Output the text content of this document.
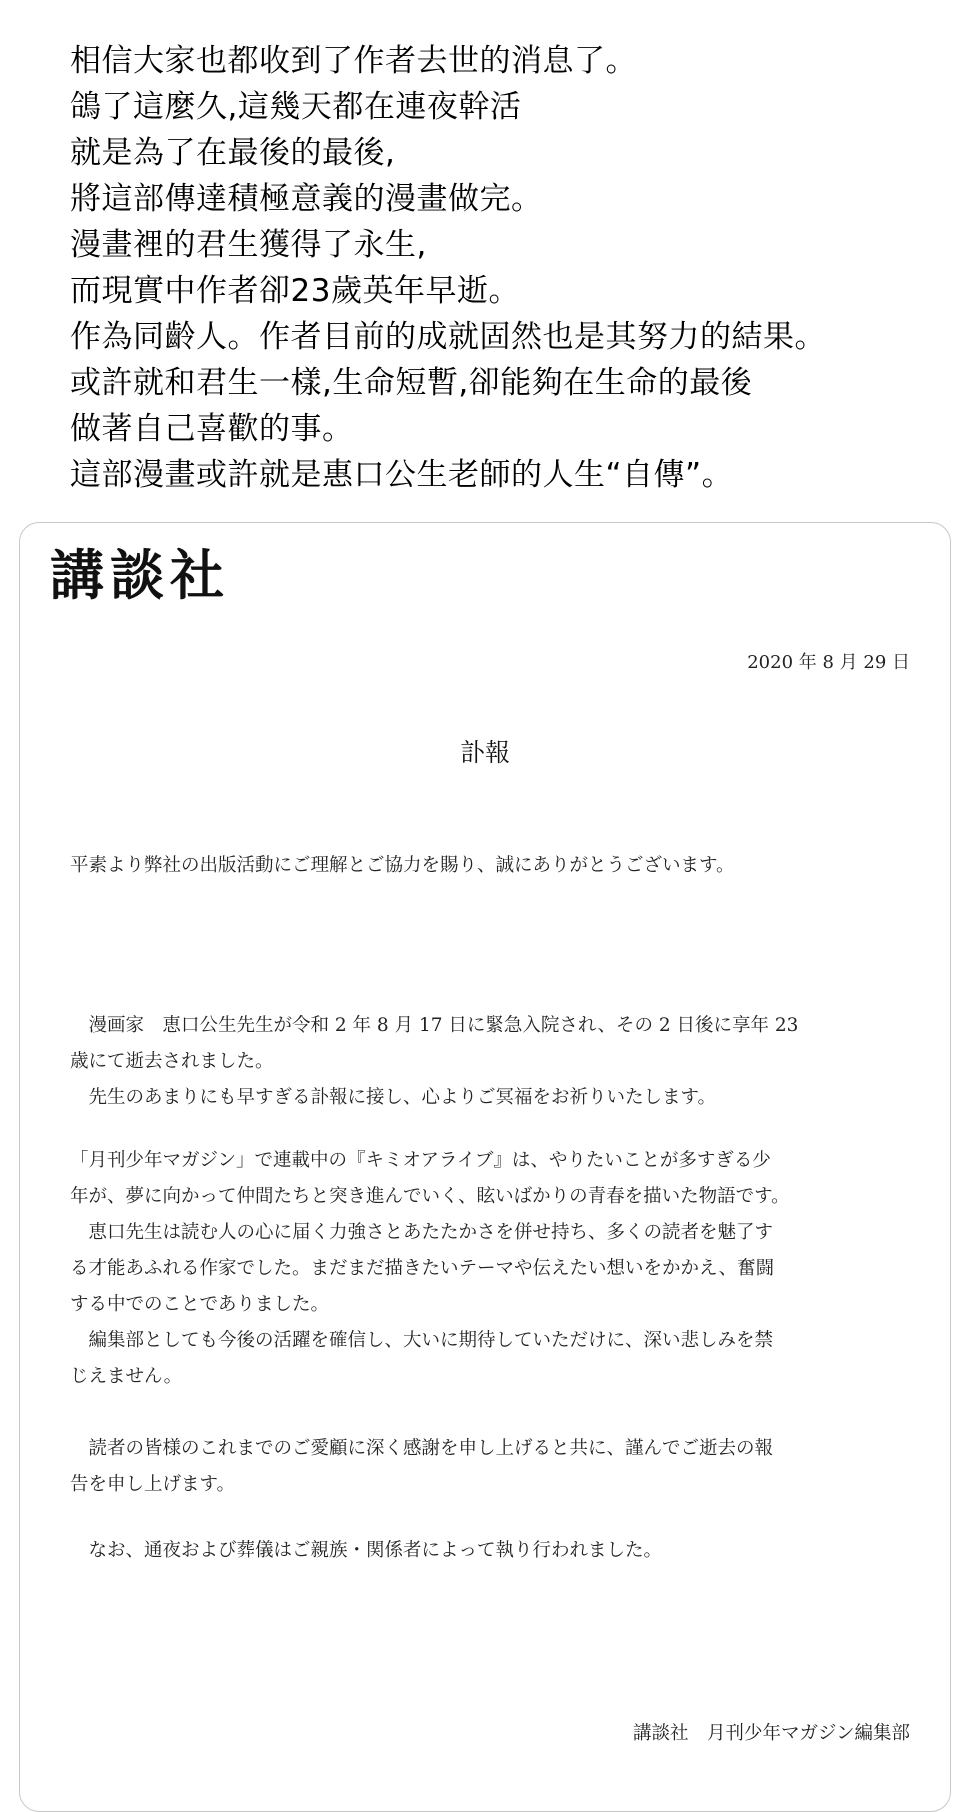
相信大家也都收到了作者去世的消息了。
鴿了這麼久,這幾天都在連夜幹活
就是為了在最後的最後,
將這部傳達積極意義的漫畫做完。
漫畫裡的君生獲得了永生,
而現實中作者卻23歲英年早逝。
作為同齡人。作者目前的成就固然也是其努力的結果。
或許就和君生一樣,生命短暫,卻能夠在生命的最後
做著自己喜歡的事。
這部漫畫或許就是惠口公生老師的人生“自傳”。
講談社
2020 年 8 月 29 日
訃報
平素より弊社の出版活動にご理解とご協力を賜り、誠にありがとうございます。
　漫画家　恵口公生先生が令和 2 年 8 月 17 日に緊急入院され、その 2 日後に享年 23
歳にて逝去されました。
　先生のあまりにも早すぎる訃報に接し、心よりご冥福をお祈りいたします。
「月刊少年マガジン」で連載中の『キミオアライブ』は、やりたいことが多すぎる少
年が、夢に向かって仲間たちと突き進んでいく、眩いばかりの青春を描いた物語です。
　恵口先生は読む人の心に届く力強さとあたたかさを併せ持ち、多くの読者を魅了す
る才能あふれる作家でした。まだまだ描きたいテーマや伝えたい想いをかかえ、奮闘
する中でのことでありました。
　編集部としても今後の活躍を確信し、大いに期待していただけに、深い悲しみを禁
じえません。
　読者の皆様のこれまでのご愛顧に深く感謝を申し上げると共に、謹んでご逝去の報
告を申し上げます。
　なお、通夜および葬儀はご親族・関係者によって執り行われました。
講談社　月刊少年マガジン編集部
